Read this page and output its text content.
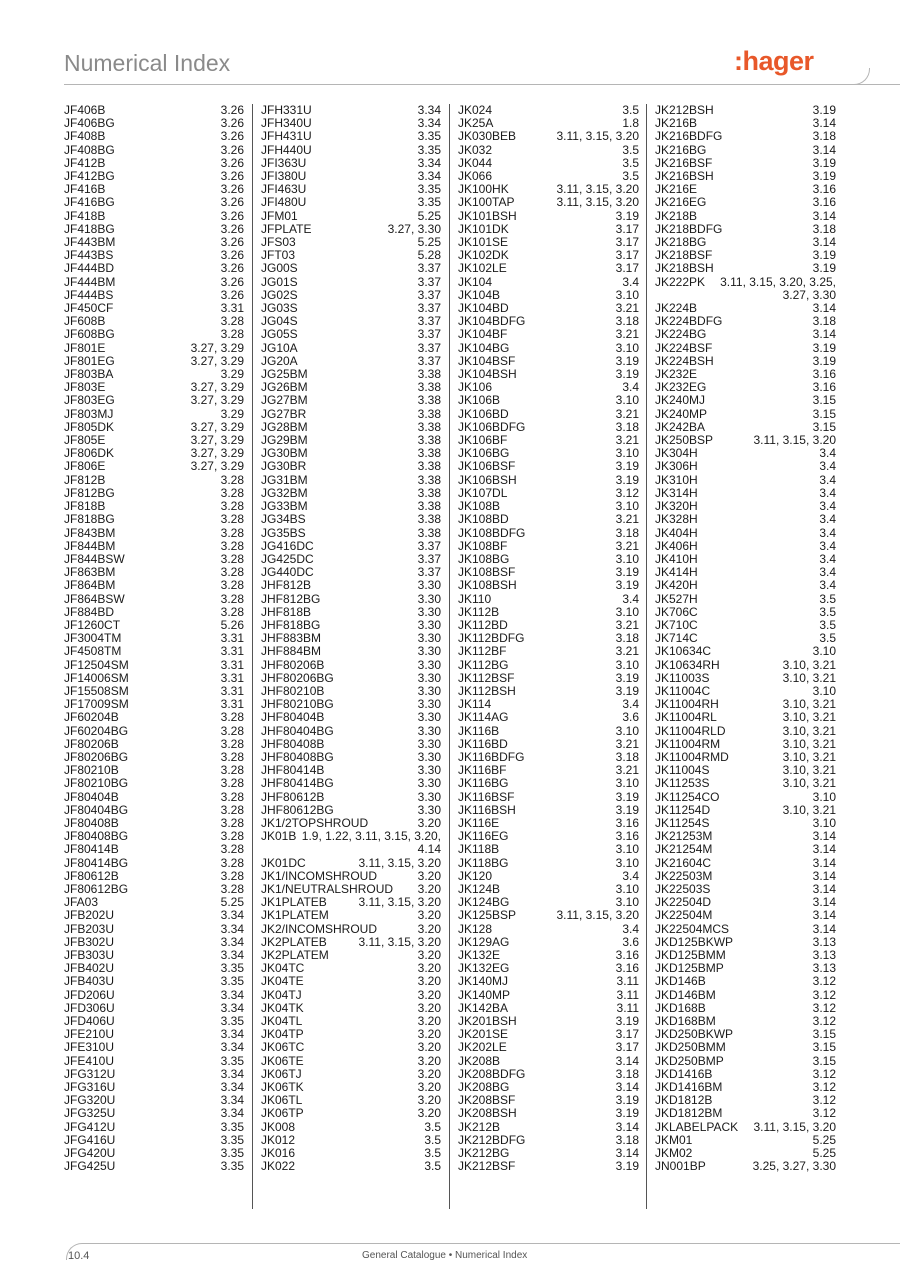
Numerical Index	:hager
JF406B	3.26
JF406BG	3.26
JF408B	3.26
JF408BG	3.26
JF412B	3.26
JF412BG	3.26
JF416B	3.26
JF416BG	3.26
JF418B	3.26
JF418BG	3.26
JF443BM	3.26
JF443BS	3.26
JF444BD	3.26
JF444BM	3.26
JF444BS	3.26
JF450CF	3.31
JF608B	3.28
JF608BG	3.28
JF801E	3.27, 3.29
JF801EG	3.27, 3.29
JF803BA	3.29
JF803E	3.27, 3.29
JF803EG	3.27, 3.29
JF803MJ	3.29
JF805DK	3.27, 3.29
JF805E	3.27, 3.29
JF806DK	3.27, 3.29
JF806E	3.27, 3.29
JF812B	3.28
JF812BG	3.28
JF818B	3.28
JF818BG	3.28
JF843BM	3.28
JF844BM	3.28
JF844BSW	3.28
JF863BM	3.28
JF864BM	3.28
JF864BSW	3.28
JF884BD	3.28
JF1260CT	5.26
JF3004TM	3.31
JF4508TM	3.31
JF12504SM	3.31
JF14006SM	3.31
JF15508SM	3.31
JF17009SM	3.31
JF60204B	3.28
JF60204BG	3.28
JF80206B	3.28
JF80206BG	3.28
JF80210B	3.28
JF80210BG	3.28
JF80404B	3.28
JF80404BG	3.28
JF80408B	3.28
JF80408BG	3.28
JF80414B	3.28
JF80414BG	3.28
JF80612B	3.28
JF80612BG	3.28
JFA03	5.25
JFB202U	3.34
JFB203U	3.34
JFB302U	3.34
JFB303U	3.34
JFB402U	3.35
JFB403U	3.35
JFD206U	3.34
JFD306U	3.34
JFD406U	3.35
JFE210U	3.34
JFE310U	3.34
JFE410U	3.35
JFG312U	3.34
JFG316U	3.34
JFG320U	3.34
JFG325U	3.34
JFG412U	3.35
JFG416U	3.35
JFG420U	3.35
JFG425U	3.35
JFH331U	3.34
JFH340U	3.34
JFH431U	3.35
JFH440U	3.35
JFI363U	3.34
JFI380U	3.34
JFI463U	3.35
JFI480U	3.35
JFM01	5.25
JFPLATE	3.27, 3.30
JFS03	5.25
JFT03	5.28
JG00S	3.37
JG01S	3.37
JG02S	3.37
JG03S	3.37
JG04S	3.37
JG05S	3.37
JG10A	3.37
JG20A	3.37
JG25BM	3.38
JG26BM	3.38
JG27BM	3.38
JG27BR	3.38
JG28BM	3.38
JG29BM	3.38
JG30BM	3.38
JG30BR	3.38
JG31BM	3.38
JG32BM	3.38
JG33BM	3.38
JG34BS	3.38
JG35BS	3.38
JG416DC	3.37
JG425DC	3.37
JG440DC	3.37
JHF812B	3.30
JHF812BG	3.30
JHF818B	3.30
JHF818BG	3.30
JHF883BM	3.30
JHF884BM	3.30
JHF80206B	3.30
JHF80206BG	3.30
JHF80210B	3.30
JHF80210BG	3.30
JHF80404B	3.30
JHF80404BG	3.30
JHF80408B	3.30
JHF80408BG	3.30
JHF80414B	3.30
JHF80414BG	3.30
JHF80612B	3.30
JHF80612BG	3.30
JK1/2TOPSHROUD	3.20
JK01B 1.9, 1.22, 3.11, 3.15, 3.20, 4.14
JK01DC	3.11, 3.15, 3.20
JK1/INCOMSHROUD	3.20
JK1/NEUTRALSHROUD	3.20
JK1PLATEB	3.11, 3.15, 3.20
JK1PLATEM	3.20
JK2/INCOMSHROUD	3.20
JK2PLATEB	3.11, 3.15, 3.20
JK2PLATEM	3.20
JK04TC	3.20
JK04TE	3.20
JK04TJ	3.20
JK04TK	3.20
JK04TL	3.20
JK04TP	3.20
JK06TC	3.20
JK06TE	3.20
JK06TJ	3.20
JK06TK	3.20
JK06TL	3.20
JK06TP	3.20
JK008	3.5
JK012	3.5
JK016	3.5
JK022	3.5
JK024	3.5
JK25A	1.8
JK030BEB	3.11, 3.15, 3.20
JK032	3.5
JK044	3.5
JK066	3.5
JK100HK	3.11, 3.15, 3.20
JK100TAP	3.11, 3.15, 3.20
JK101BSH	3.19
JK101DK	3.17
JK101SE	3.17
JK102DK	3.17
JK102LE	3.17
JK104	3.4
JK104B	3.10
JK104BD	3.21
JK104BDFG	3.18
JK104BF	3.21
JK104BG	3.10
JK104BSF	3.19
JK104BSH	3.19
JK106	3.4
JK106B	3.10
JK106BD	3.21
JK106BDFG	3.18
JK106BF	3.21
JK106BG	3.10
JK106BSF	3.19
JK106BSH	3.19
JK107DL	3.12
JK108B	3.10
JK108BD	3.21
JK108BDFG	3.18
JK108BF	3.21
JK108BG	3.10
JK108BSF	3.19
JK108BSH	3.19
JK110	3.4
JK112B	3.10
JK112BD	3.21
JK112BDFG	3.18
JK112BF	3.21
JK112BG	3.10
JK112BSF	3.19
JK112BSH	3.19
JK114	3.4
JK114AG	3.6
JK116B	3.10
JK116BD	3.21
JK116BDFG	3.18
JK116BF	3.21
JK116BG	3.10
JK116BSF	3.19
JK116BSH	3.19
JK116E	3.16
JK116EG	3.16
JK118B	3.10
JK118BG	3.10
JK120	3.4
JK124B	3.10
JK124BG	3.10
JK125BSP	3.11, 3.15, 3.20
JK128	3.4
JK129AG	3.6
JK132E	3.16
JK132EG	3.16
JK140MJ	3.11
JK140MP	3.11
JK142BA	3.11
JK201BSH	3.19
JK201SE	3.17
JK202LE	3.17
JK208B	3.14
JK208BDFG	3.18
JK208BG	3.14
JK208BSF	3.19
JK208BSH	3.19
JK212B	3.14
JK212BDFG	3.18
JK212BG	3.14
JK212BSF	3.19
JK212BSH	3.19
JK216B	3.14
JK216BDFG	3.18
JK216BG	3.14
JK216BSF	3.19
JK216BSH	3.19
JK216E	3.16
JK216EG	3.16
JK218B	3.14
JK218BDFG	3.18
JK218BG	3.14
JK218BSF	3.19
JK218BSH	3.19
JK222PK	3.11, 3.15, 3.20, 3.25, 3.27, 3.30
JK224B	3.14
JK224BDFG	3.18
JK224BG	3.14
JK224BSF	3.19
JK224BSH	3.19
JK232E	3.16
JK232EG	3.16
JK240MJ	3.15
JK240MP	3.15
JK242BA	3.15
JK250BSP	3.11, 3.15, 3.20
JK304H	3.4
JK306H	3.4
JK310H	3.4
JK314H	3.4
JK320H	3.4
JK328H	3.4
JK404H	3.4
JK406H	3.4
JK410H	3.4
JK414H	3.4
JK420H	3.4
JK527H	3.5
JK706C	3.5
JK710C	3.5
JK714C	3.5
JK10634C	3.10
JK10634RH	3.10, 3.21
JK11003S	3.10, 3.21
JK11004C	3.10
JK11004RH	3.10, 3.21
JK11004RL	3.10, 3.21
JK11004RLD	3.10, 3.21
JK11004RM	3.10, 3.21
JK11004RMD	3.10, 3.21
JK11004S	3.10, 3.21
JK11253S	3.10, 3.21
JK11254CO	3.10
JK11254D	3.10, 3.21
JK11254S	3.10
JK21253M	3.14
JK21254M	3.14
JK21604C	3.14
JK22503M	3.14
JK22503S	3.14
JK22504D	3.14
JK22504M	3.14
JK22504MCS	3.14
JKD125BKWP	3.13
JKD125BMM	3.13
JKD125BMP	3.13
JKD146B	3.12
JKD146BM	3.12
JKD168B	3.12
JKD168BM	3.12
JKD250BKWP	3.15
JKD250BMM	3.15
JKD250BMP	3.15
JKD1416B	3.12
JKD1416BM	3.12
JKD1812B	3.12
JKD1812BM	3.12
JKLABELPACK	3.11, 3.15, 3.20
JKM01	5.25
JKM02	5.25
JN001BP	3.25, 3.27, 3.30
10.4	General Catalogue • Numerical Index
